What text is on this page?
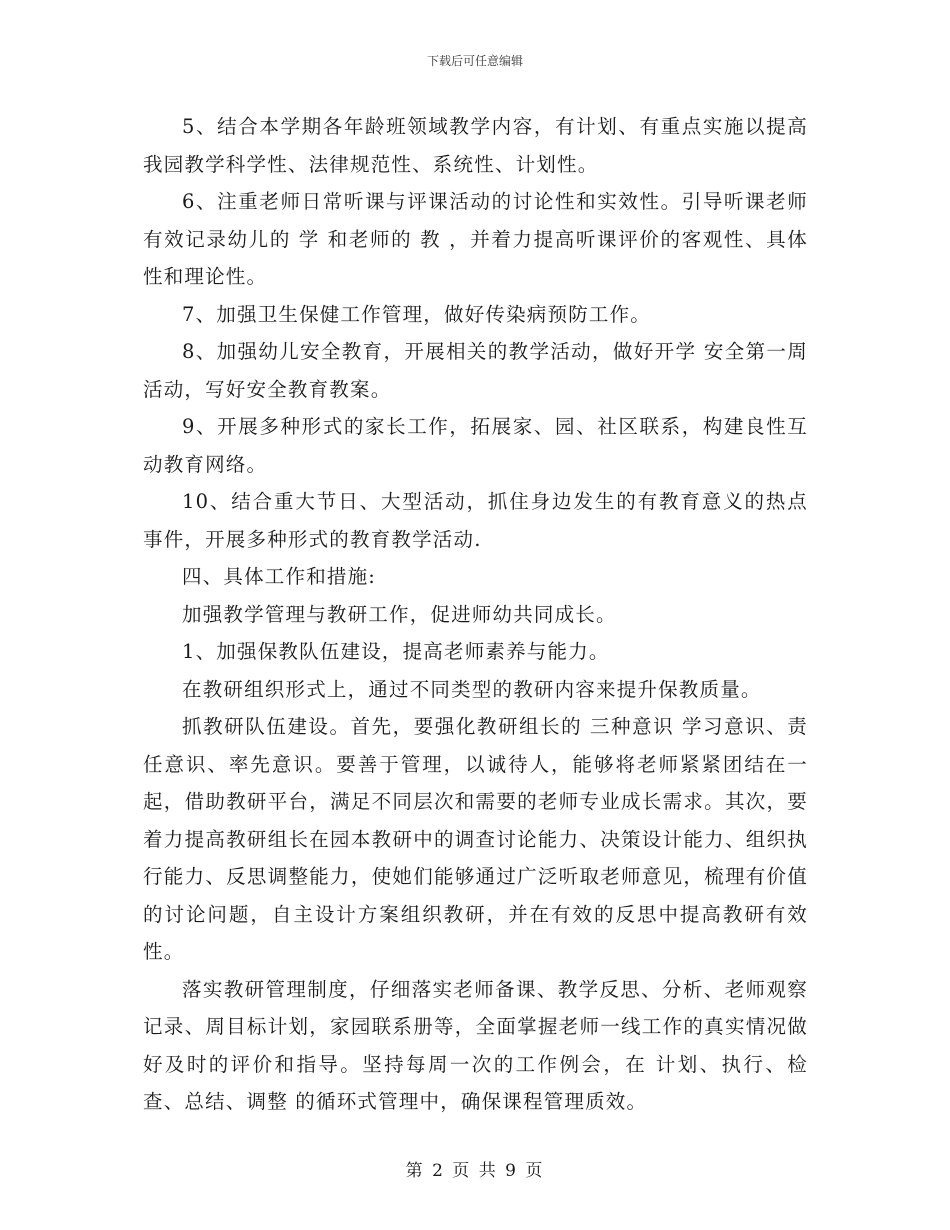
下载后可任意编辑

5、结合本学期各年龄班领域教学内容，有计划、有重点实施以提高我园教学科学性、法律规范性、系统性、计划性。

6、注重老师日常听课与评课活动的讨论性和实效性。引导听课老师有效记录幼儿的 学 和老师的 教 ，并着力提高听课评价的客观性、具体性和理论性。

7、加强卫生保健工作管理，做好传染病预防工作。

8、加强幼儿安全教育，开展相关的教学活动，做好开学 安全第一周 活动，写好安全教育教案。

9、开展多种形式的家长工作，拓展家、园、社区联系，构建良性互动教育网络。

10、结合重大节日、大型活动，抓住身边发生的有教育意义的热点事件，开展多种形式的教育教学活动.

四、具体工作和措施:

加强教学管理与教研工作，促进师幼共同成长。

1、加强保教队伍建设，提高老师素养与能力。

在教研组织形式上，通过不同类型的教研内容来提升保教质量。

抓教研队伍建设。首先，要强化教研组长的 三种意识 学习意识、责任意识、率先意识。要善于管理，以诚待人，能够将老师紧紧团结在一起，借助教研平台，满足不同层次和需要的老师专业成长需求。其次，要着力提高教研组长在园本教研中的调查讨论能力、决策设计能力、组织执行能力、反思调整能力，使她们能够通过广泛听取老师意见，梳理有价值的讨论问题，自主设计方案组织教研，并在有效的反思中提高教研有效性。

落实教研管理制度，仔细落实老师备课、教学反思、分析、老师观察记录、周目标计划，家园联系册等，全面掌握老师一线工作的真实情况做好及时的评价和指导。坚持每周一次的工作例会，在 计划、执行、检查、总结、调整 的循环式管理中，确保课程管理质效。

第 2 页 共 9 页
